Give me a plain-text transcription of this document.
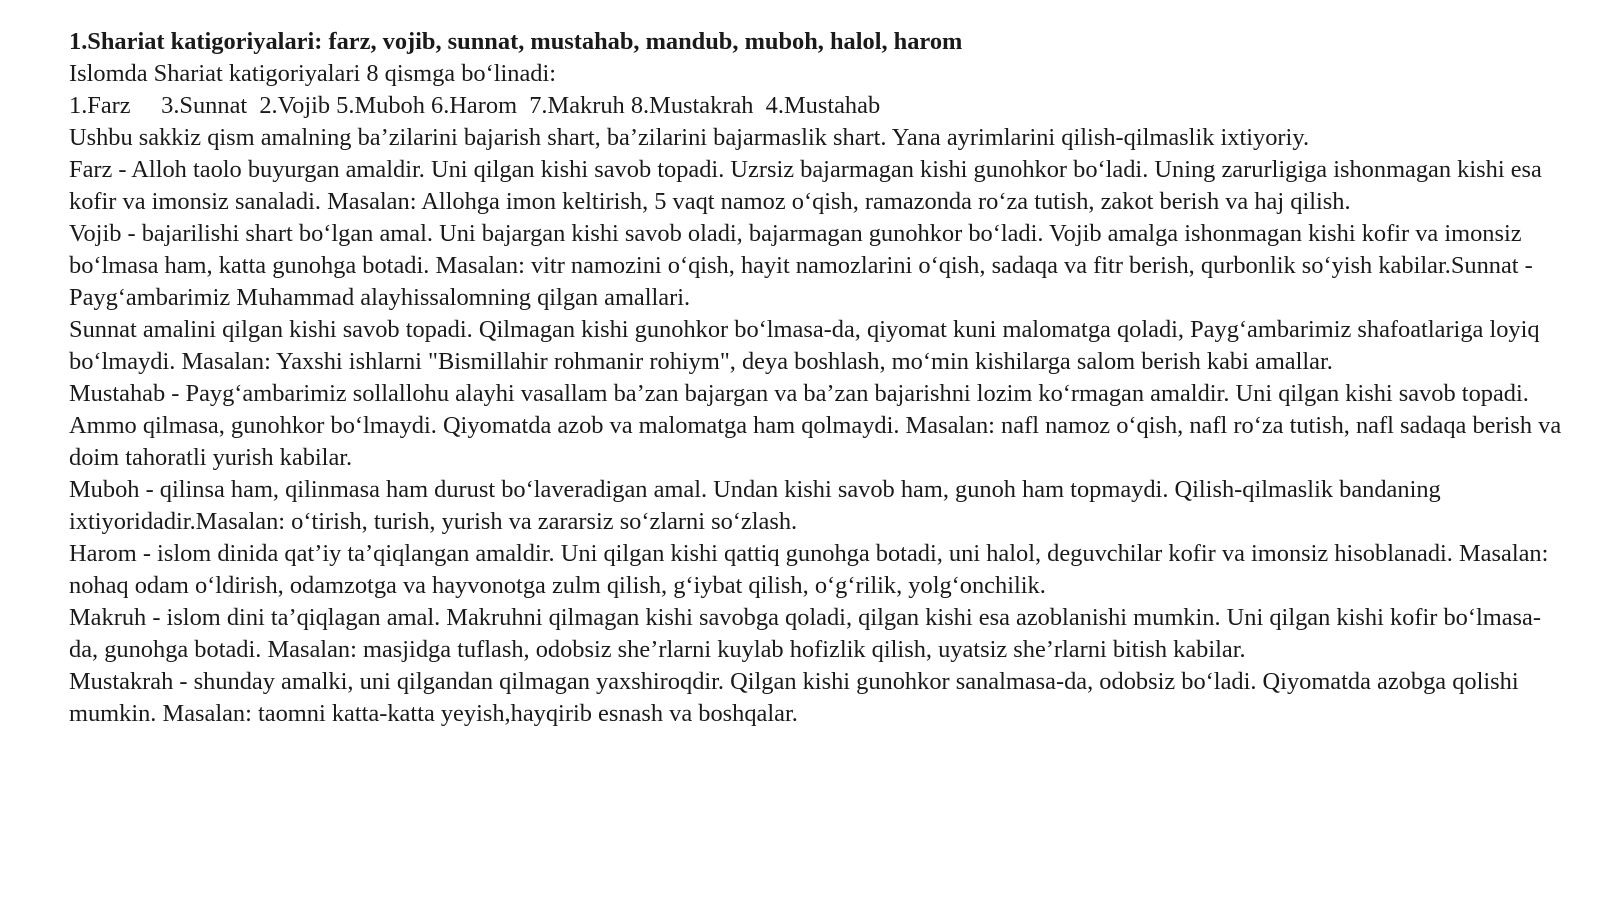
1.Shariat katigoriyalari: farz, vojib, sunnat, mustahab, mandub, muboh, halol, harom

Islomda Shariat katigoriyalari 8 qismga bo‘linadi:

1.Farz     3.Sunnat  2.Vojib 5.Muboh 6.Harom  7.Makruh 8.Mustakrah  4.Mustahab

Ushbu sakkiz qism amalning ba’zilarini bajarish shart, ba’zilarini bajarmaslik shart. Yana ayrimlarini qilish-qilmaslik ixtiyoriy.

Farz - Alloh taolo buyurgan amaldir. Uni qilgan kishi savob topadi. Uzrsiz bajarmagan kishi gunohkor bo‘ladi. Uning zarurligiga ishonmagan kishi esa kofir va imonsiz sanaladi. Masalan: Allohga imon keltirish, 5 vaqt namoz o‘qish, ramazonda ro‘za tutish, zakot berish va haj qilish.

Vojib - bajarilishi shart bo‘lgan amal. Uni bajargan kishi savob oladi, bajarmagan gunohkor bo‘ladi. Vojib amalga ishonmagan kishi kofir va imonsiz bo‘lmasa ham, katta gunohga botadi. Masalan: vitr namozini o‘qish, hayit namozlarini o‘qish, sadaqa va fitr berish, qurbonlik so‘yish kabilar.Sunnat - Payg‘ambarimiz Muhammad alayhissalomning qilgan amallari.

Sunnat amalini qilgan kishi savob topadi. Qilmagan kishi gunohkor bo‘lmasa-da, qiyomat kuni malomatga qoladi, Payg‘ambarimiz shafoatlariga loyiq bo‘lmaydi. Masalan: Yaxshi ishlarni "Bismillahir rohmanir rohiym", deya boshlash, mo‘min kishilarga salom berish kabi amallar.

Mustahab - Payg‘ambarimiz sollallohu alayhi vasallam ba’zan bajargan va ba’zan bajarishni lozim ko‘rmagan amaldir. Uni qilgan kishi savob topadi. Ammo qilmasa, gunohkor bo‘lmaydi. Qiyomatda azob va malomatga ham qolmaydi. Masalan: nafl namoz o‘qish, nafl ro‘za tutish, nafl sadaqa berish va doim tahoratli yurish kabilar.

Muboh - qilinsa ham, qilinmasa ham durust bo‘laveradigan amal. Undan kishi savob ham, gunoh ham topmaydi. Qilish-qilmaslik bandaning ixtiyoridadir.Masalan: o‘tirish, turish, yurish va zararsiz so‘zlarni so‘zlash.

Harom - islom dinida qat’iy ta’qiqlangan amaldir. Uni qilgan kishi qattiq gunohga botadi, uni halol, deguvchilar kofir va imonsiz hisoblanadi. Masalan: nohaq odam o‘ldirish, odamzotga va hayvonotga zulm qilish, g‘iybat qilish, o‘g‘rilik, yolg‘onchilik.

Makruh - islom dini ta’qiqlagan amal. Makruhni qilmagan kishi savobga qoladi, qilgan kishi esa azoblanishi mumkin. Uni qilgan kishi kofir bo‘lmasa-da, gunohga botadi. Masalan: masjidga tuflash, odobsiz she’rlarni kuylab hofizlik qilish, uyatsiz she’rlarni bitish kabilar.

Mustakrah - shunday amalki, uni qilgandan qilmagan yaxshiroqdir. Qilgan kishi gunohkor sanalmasa-da, odobsiz bo‘ladi. Qiyomatda azobga qolishi mumkin. Masalan: taomni katta-katta yeyish,hayqirib esnash va boshqalar.
